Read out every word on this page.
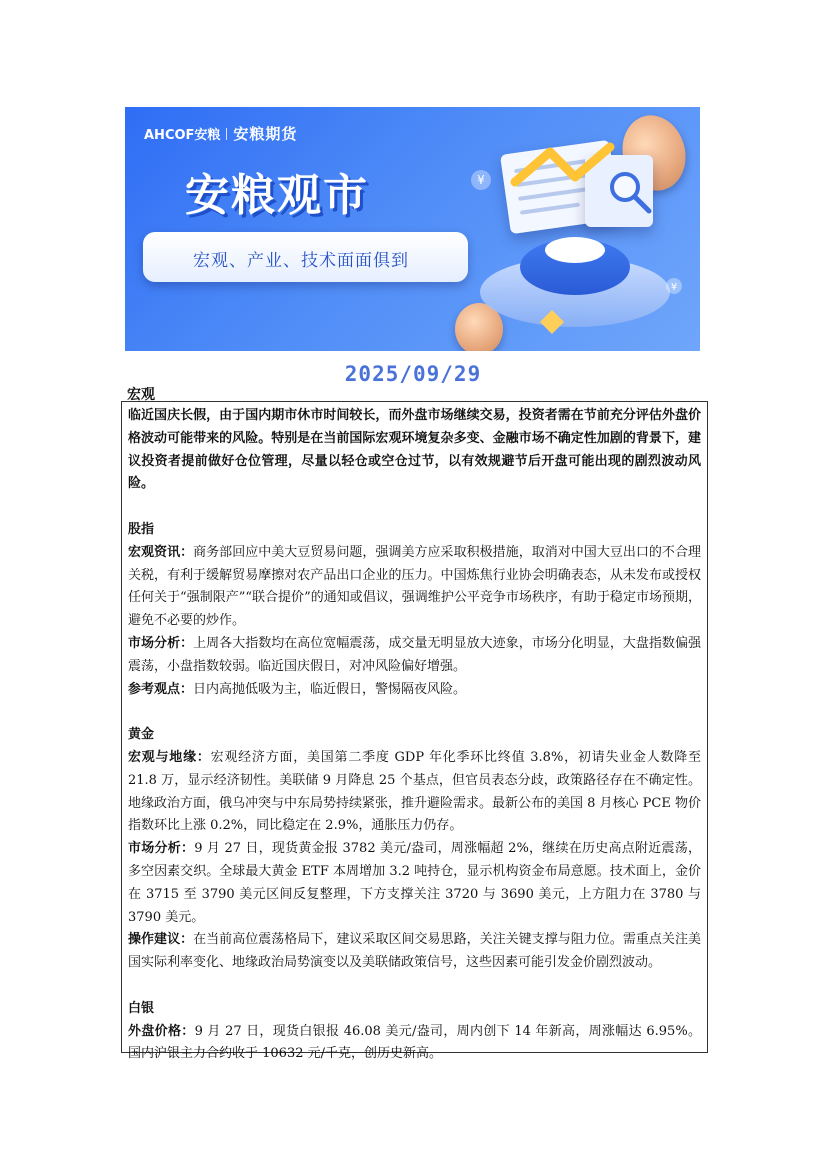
AHCOF安粮 安粮期货
安粮观市
宏观、产业、技术面面俱到
¥
¥
2025/09/29
宏观

临近国庆长假，由于国内期市休市时间较长，而外盘市场继续交易，投资者需在节前充分评估外盘价格波动可能带来的风险。特别是在当前国际宏观环境复杂多变、金融市场不确定性加剧的背景下，建议投资者提前做好仓位管理，尽量以轻仓或空仓过节，以有效规避节后开盘可能出现的剧烈波动风险。

股指

宏观资讯：商务部回应中美大豆贸易问题，强调美方应采取积极措施，取消对中国大豆出口的不合理关税，有利于缓解贸易摩擦对农产品出口企业的压力。中国炼焦行业协会明确表态，从未发布或授权任何关于“强制限产”“联合提价”的通知或倡议，强调维护公平竞争市场秩序，有助于稳定市场预期，避免不必要的炒作。

市场分析：上周各大指数均在高位宽幅震荡，成交量无明显放大迹象，市场分化明显，大盘指数偏强震荡，小盘指数较弱。临近国庆假日，对冲风险偏好增强。

参考观点：日内高抛低吸为主，临近假日，警惕隔夜风险。

黄金

宏观与地缘：宏观经济方面，美国第二季度 GDP 年化季环比终值 3.8%，初请失业金人数降至 21.8 万，显示经济韧性。美联储 9 月降息 25 个基点，但官员表态分歧，政策路径存在不确定性。地缘政治方面，俄乌冲突与中东局势持续紧张，推升避险需求。最新公布的美国 8 月核心 PCE 物价指数环比上涨 0.2%，同比稳定在 2.9%，通胀压力仍存。

市场分析：9 月 27 日，现货黄金报 3782 美元/盎司，周涨幅超 2%，继续在历史高点附近震荡，多空因素交织。全球最大黄金 ETF 本周增加 3.2 吨持仓，显示机构资金布局意愿。技术面上，金价在 3715 至 3790 美元区间反复整理，下方支撑关注 3720 与 3690 美元，上方阻力在 3780 与 3790 美元。

操作建议：在当前高位震荡格局下，建议采取区间交易思路，关注关键支撑与阻力位。需重点关注美国实际利率变化、地缘政治局势演变以及美联储政策信号，这些因素可能引发金价剧烈波动。

白银

外盘价格：9 月 27 日，现货白银报 46.08 美元/盎司，周内创下 14 年新高，周涨幅达 6.95%。国内沪银主力合约收于 10632 元/千克，创历史新高。
